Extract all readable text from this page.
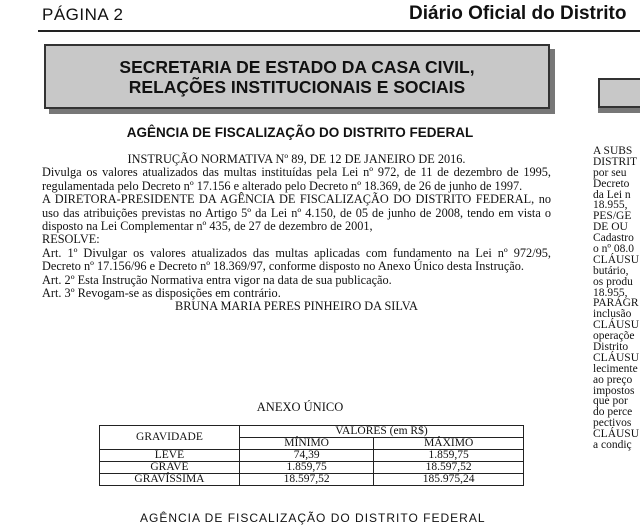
PÁGINA 2	Diário Oficial do Distrito
SECRETARIA DE ESTADO DA CASA CIVIL,
RELAÇÕES INSTITUCIONAIS E SOCIAIS
AGÊNCIA DE FISCALIZAÇÃO DO DISTRITO FEDERAL

INSTRUÇÃO NORMATIVA Nº 89, DE 12 DE JANEIRO DE 2016.

Divulga os valores atualizados das multas instituídas pela Lei nº 972, de 11 de dezembro de 1995, regulamentada pelo Decreto nº 17.156 e alterado pelo Decreto nº 18.369, de 26 de junho de 1997.

A DIRETORA-PRESIDENTE DA AGÊNCIA DE FISCALIZAÇÃO DO DISTRITO FEDERAL, no uso das atribuições previstas no Artigo 5º da Lei nº 4.150, de 05 de junho de 2008, tendo em vista o disposto na Lei Complementar nº 435, de 27 de dezembro de 2001,

RESOLVE:

Art. 1º Divulgar os valores atualizados das multas aplicadas com fundamento na Lei nº 972/95, Decreto nº 17.156/96 e Decreto nº 18.369/97, conforme disposto no Anexo Único desta Instrução.

Art. 2º Esta Instrução Normativa entra vigor na data de sua publicação.

Art. 3º Revogam-se as disposições em contrário.

BRUNA MARIA PERES PINHEIRO DA SILVA

ANEXO ÚNICO
GRAVIDADE	VALORES (em R$)	
	MÍNIMO	MÁXIMO
LEVE	74,39	1.859,75
GRAVE	1.859,75	18.597,52
GRAVÍSSIMA	18.597,52	185.975,24
AGÊNCIA DE FISCALIZAÇÃO DO DISTRITO FEDERAL
A SUBS
DISTRIT
por seu
Decreto
da Lei n
18.955,
PES/GE
DE OU
Cadastro
o nº 08.0
CLÁUSU
butário,
os produ
18.955,
PARÁGR
inclusão
CLÁUSU
operaçõe
Distrito
CLÁUSU
lecimente
ao preço
impostos
que por
do perce
pectivos
CLÁUSU
a condiç
